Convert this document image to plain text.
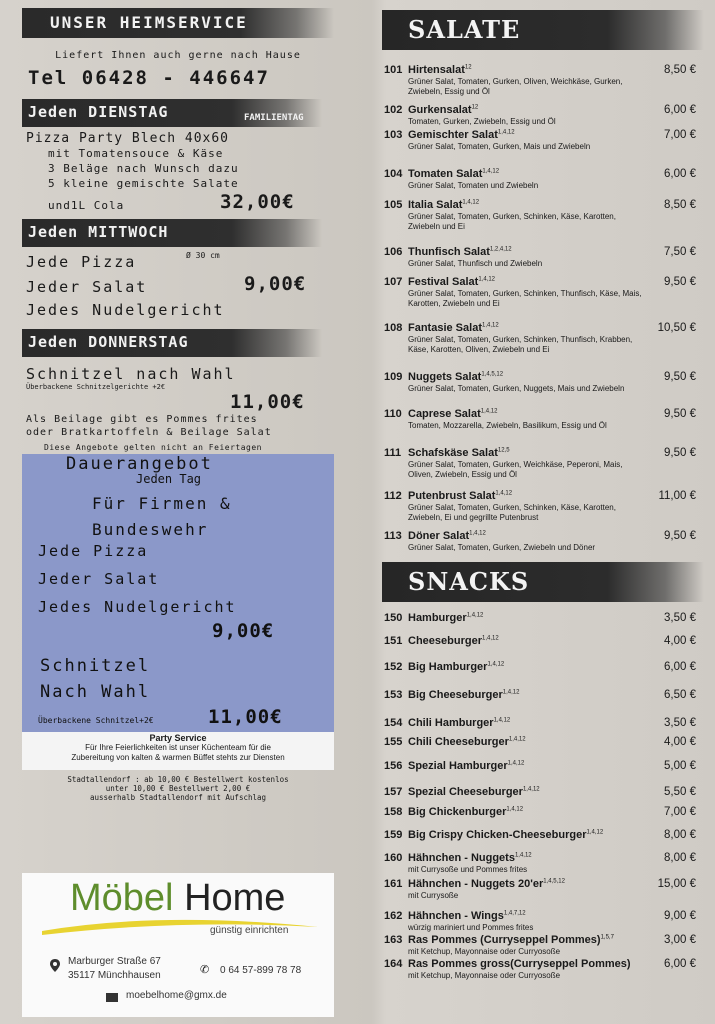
UNSER HEIMSERVICE
Liefert Ihnen auch gerne nach Hause
Tel 06428 - 446647
Jeden DIENSTAG	FAMILIENTAG
Pizza Party Blech 40x60
mit Tomatensouce & Käse
3 Beläge nach Wunsch dazu
5 kleine gemischte Salate
und1L Cola	32,00€
Jeden MITTWOCH
Jede Pizza	Ø 30 cm
Jeder Salat	9,00€
Jedes Nudelgericht
Jeden DONNERSTAG
Schnitzel nach Wahl
Überbackene Schnitzelgerichte +2€
11,00€
Als Beilage gibt es Pommes frites
oder Bratkartoffeln & Beilage Salat
Diese Angebote gelten nicht an Feiertagen
Dauerangebot
Jeden Tag
Für Firmen &
Bundeswehr
Jede Pizza
Jeder Salat
Jedes Nudelgericht
9,00€
Schnitzel
Nach Wahl
Überbackene Schnitzel+2€	11,00€
Party Service
Für Ihre Feierlichkeiten ist unser Küchenteam für die
Zubereitung von kalten & warmen Büffet stehts zur Diensten
Stadtallendorf : ab 10,00 € Bestellwert kostenlos
unter 10,00 € Bestellwert 2,00 €
ausserhalb Stadtallendorf mit Aufschlag
Möbel Home
günstig einrichten
Marburger Straße 67
35117 Münchhausen	✆ 0 64 57-899 78 78
moebelhome@gmx.de
SALATE
101 Hirtensalat$^{12}$	8,50 €
Grüner Salat, Tomaten, Gurken, Oliven, Weichkäse, Gurken, Zwiebeln, Essig und Öl
102 Gurkensalat$^{12}$	6,00 €
Tomaten, Gurken, Zwiebeln, Essig und Öl
103 Gemischter Salat$^{1,4,12}$	7,00 €
Grüner Salat, Tomaten, Gurken, Mais und Zwiebeln
104 Tomaten Salat$^{1,4,12}$	6,00 €
Grüner Salat, Tomaten und Zwiebeln
105 Italia Salat$^{1,4,12}$	8,50 €
Grüner Salat, Tomaten, Gurken, Schinken, Käse, Karotten, Zwiebeln und Ei
106 Thunfisch Salat$^{1,2,4,12}$	7,50 €
Grüner Salat, Thunfisch und Zwiebeln
107 Festival Salat$^{1,4,12}$	9,50 €
Grüner Salat, Tomaten, Gurken, Schinken, Thunfisch, Käse, Mais, Karotten, Zwiebeln und Ei
108 Fantasie Salat$^{1,4,12}$	10,50 €
Grüner Salat, Tomaten, Gurken, Schinken, Thunfisch, Krabben, Käse, Karotten, Oliven, Zwiebeln und Ei
109 Nuggets Salat$^{1,4,5,12}$	9,50 €
Grüner Salat, Tomaten, Gurken, Nuggets, Mais und Zwiebeln
110 Caprese Salat$^{1,4,12}$	9,50 €
Tomaten, Mozzarella, Zwiebeln, Basilikum, Essig und Öl
111 Schafskäse Salat$^{12,5}$	9,50 €
Grüner Salat, Tomaten, Gurken, Weichkäse, Peperoni, Mais, Oliven, Zwiebeln, Essig und Öl
112 Putenbrust Salat$^{1,4,12}$	11,00 €
Grüner Salat, Tomaten, Gurken, Schinken, Käse, Karotten, Zwiebeln, Ei und gegrillte Putenbrust
113 Döner Salat$^{1,4,12}$	9,50 €
Grüner Salat, Tomaten, Gurken, Zwiebeln und Döner
SNACKS
150 Hamburger$^{1,4,12}$	3,50 €
151 Cheeseburger$^{1,4,12}$	4,00 €
152 Big Hamburger$^{1,4,12}$	6,00 €
153 Big Cheeseburger$^{1,4,12}$	6,50 €
154 Chili Hamburger$^{1,4,12}$	3,50 €
155 Chili Cheeseburger$^{1,4,12}$	4,00 €
156 Spezial Hamburger$^{1,4,12}$	5,00 €
157 Spezial Cheeseburger$^{1,4,12}$	5,50 €
158 Big Chickenburger$^{1,4,12}$	7,00 €
159 Big Crispy Chicken-Cheeseburger$^{1,4,12}$	8,00 €
160 Hähnchen - Nuggets$^{1,4,12}$	8,00 €
mit Currysoße und Pommes frites
161 Hähnchen - Nuggets 20'er$^{1,4,5,12}$	15,00 €
mit Currysoße
162 Hähnchen - Wings$^{1,4,7,12}$	9,00 €
würzig mariniert und Pommes frites
163 Ras Pommes (Curryseppel Pommes)$^{1,5,7}$	3,00 €
mit Ketchup, Mayonnaise oder Curryosoße
164 Ras Pommes gross(Curryseppel Pommes)	6,00 €
mit Ketchup, Mayonnaise oder Curryosoße
